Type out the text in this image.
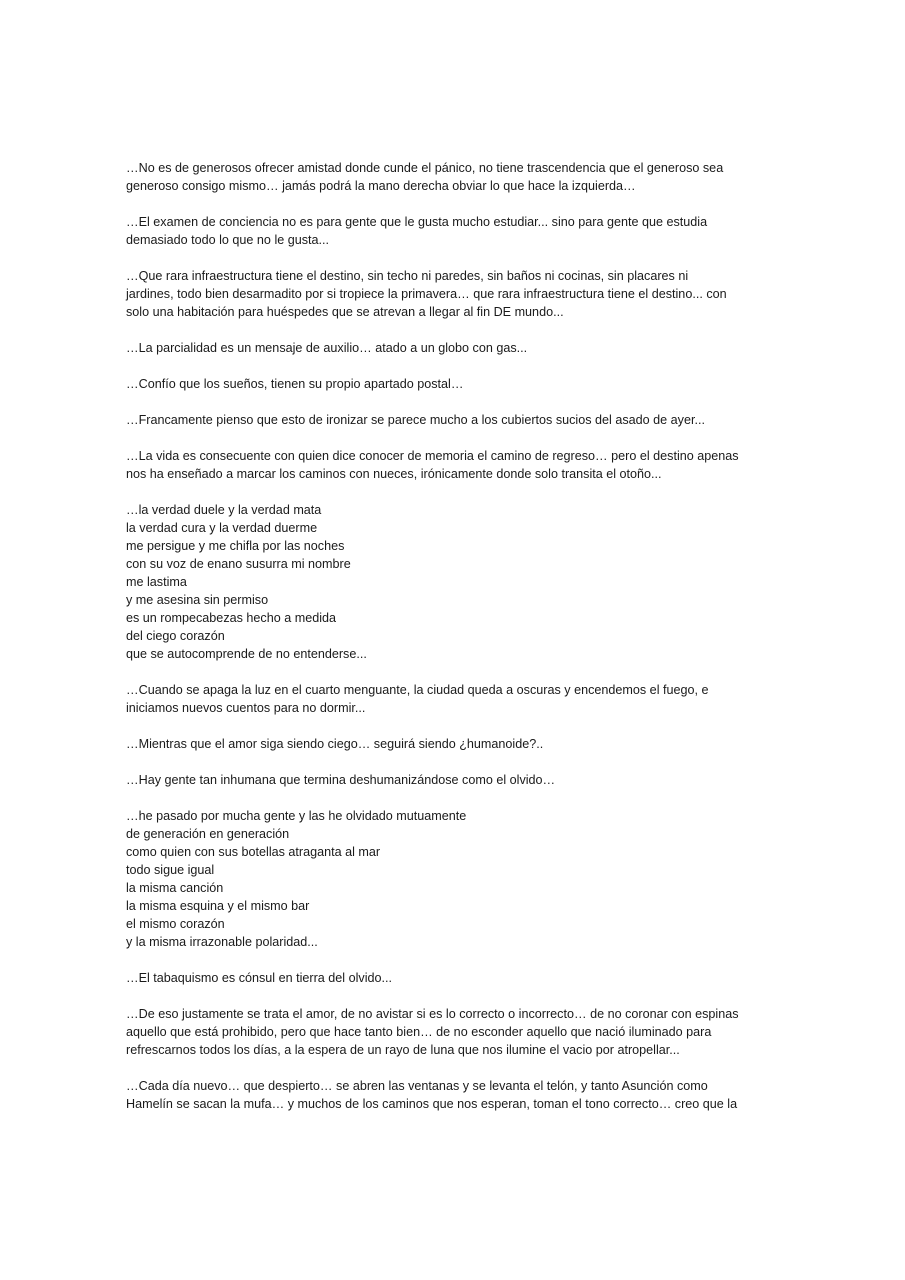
…No es de generosos ofrecer amistad donde cunde el pánico, no tiene trascendencia que el generoso sea
generoso consigo mismo… jamás podrá la mano derecha obviar lo que hace la izquierda…
…El examen de conciencia no es para gente que le gusta mucho estudiar... sino para gente que estudia
demasiado todo lo que no le gusta...
…Que rara infraestructura tiene el destino, sin techo ni paredes, sin baños ni cocinas, sin placares ni
jardines, todo bien desarmadito por si tropiece la primavera… que rara infraestructura tiene el destino... con
solo una habitación para huéspedes que se atrevan a llegar al fin DE mundo...
…La parcialidad es un mensaje de auxilio… atado a un globo con gas...
…Confío que los sueños, tienen su propio apartado postal…
…Francamente pienso que esto de ironizar se parece mucho a los cubiertos sucios del asado de ayer...
…La vida es consecuente con quien dice conocer de memoria el camino de regreso… pero el destino apenas
nos ha enseñado a marcar los caminos con nueces, irónicamente donde solo transita el otoño...
…la verdad duele y la verdad mata
la verdad cura y la verdad duerme
me persigue y me chifla por las noches
con su voz de enano susurra mi nombre
me lastima
y me asesina sin permiso
es un rompecabezas hecho a medida
del ciego corazón
que se autocomprende de no entenderse...
…Cuando se apaga la luz en el cuarto menguante, la ciudad queda a oscuras y encendemos el fuego, e
iniciamos nuevos cuentos para no dormir...
…Mientras que el amor siga siendo ciego… seguirá siendo ¿humanoide?..
…Hay gente tan inhumana que termina deshumanizándose como el olvido…
…he pasado por mucha gente y las he olvidado mutuamente
de generación en generación
como quien con sus botellas atraganta al mar
todo sigue igual
la misma canción
la misma esquina y el mismo bar
el mismo corazón
y la misma irrazonable polaridad...
…El tabaquismo es cónsul en tierra del olvido...
…De eso justamente se trata el amor, de no avistar si es lo correcto o incorrecto… de no coronar con espinas
aquello que está prohibido, pero que hace tanto bien… de no esconder aquello que nació iluminado para
refrescarnos todos los días, a la espera de un rayo de luna que nos ilumine el vacio por atropellar...
…Cada día nuevo… que despierto… se abren las ventanas y se levanta el telón, y tanto Asunción como
Hamelín se sacan la mufa… y muchos de los caminos que nos esperan, toman el tono correcto… creo que la
